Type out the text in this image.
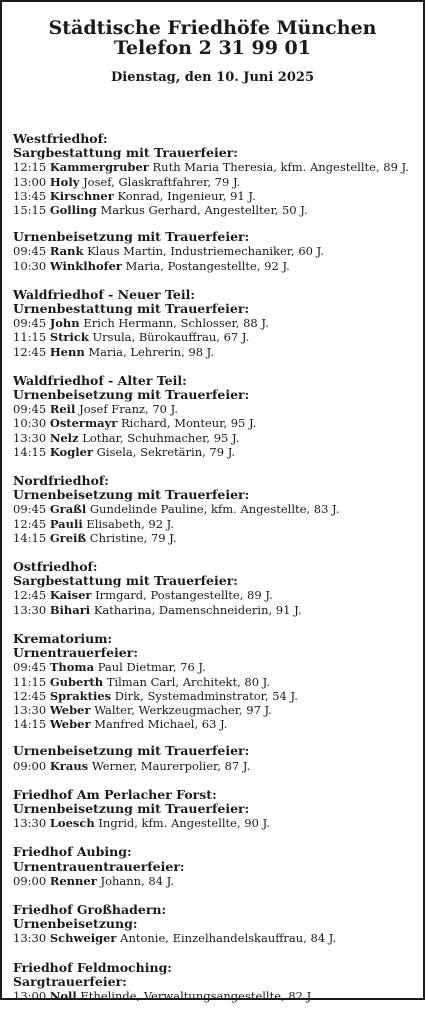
Städtische Friedhöfe München
Telefon 2 31 99 01
Dienstag, den 10. Juni 2025
Westfriedhof:
Sargbestattung mit Trauerfeier:
12:15 Kammergruber Ruth Maria Theresia, kfm. Angestellte, 89 J.
13:00 Holy Josef, Glaskraftfahrer, 79 J.
13:45 Kirschner Konrad, Ingenieur, 91 J.
15:15 Golling Markus Gerhard, Angestellter, 50 J.
Urnenbeisetzung mit Trauerfeier:
09:45 Rank Klaus Martin, Industriemechaniker, 60 J.
10:30 Winklhofer Maria, Postangestellte, 92 J.
Waldfriedhof - Neuer Teil:
Urnenbestattung mit Trauerfeier:
09:45 John Erich Hermann, Schlosser, 88 J.
11:15 Strick Ursula, Bürokauffrau, 67 J.
12:45 Henn Maria, Lehrerin, 98 J.
Waldfriedhof - Alter Teil:
Urnenbeisetzung mit Trauerfeier:
09:45 Reil Josef Franz, 70 J.
10:30 Ostermayr Richard, Monteur, 95 J.
13:30 Nelz Lothar, Schuhmacher, 95 J.
14:15 Kogler Gisela, Sekretärin, 79 J.
Nordfriedhof:
Urnenbeisetzung mit Trauerfeier:
09:45 Graßl Gundelinde Pauline, kfm. Angestellte, 83 J.
12:45 Pauli Elisabeth, 92 J.
14:15 Greiß Christine, 79 J.
Ostfriedhof:
Sargbestattung mit Trauerfeier:
12:45 Kaiser Irmgard, Postangestellte, 89 J.
13:30 Bihari Katharina, Damenschneiderin, 91 J.
Krematorium:
Urnentrauerfeier:
09:45 Thoma Paul Dietmar, 76 J.
11:15 Guberth Tilman Carl, Architekt, 80 J.
12:45 Sprakties Dirk, Systemadminstrator, 54 J.
13:30 Weber Walter, Werkzeugmacher, 97 J.
14:15 Weber Manfred Michael, 63 J.
Urnenbeisetzung mit Trauerfeier:
09:00 Kraus Werner, Maurerpolier, 87 J.
Friedhof Am Perlacher Forst:
Urnenbeisetzung mit Trauerfeier:
13:30 Loesch Ingrid, kfm. Angestellte, 90 J.
Friedhof Aubing:
Urnentrauentrauerfeier:
09:00 Renner Johann, 84 J.
Friedhof Großhadern:
Urnenbeisetzung:
13:30 Schweiger Antonie, Einzelhandelskauffrau, 84 J.
Friedhof Feldmoching:
Sargtrauerfeier:
13:00 Noll Ethelinde, Verwaltungsangestellte, 82 J.
